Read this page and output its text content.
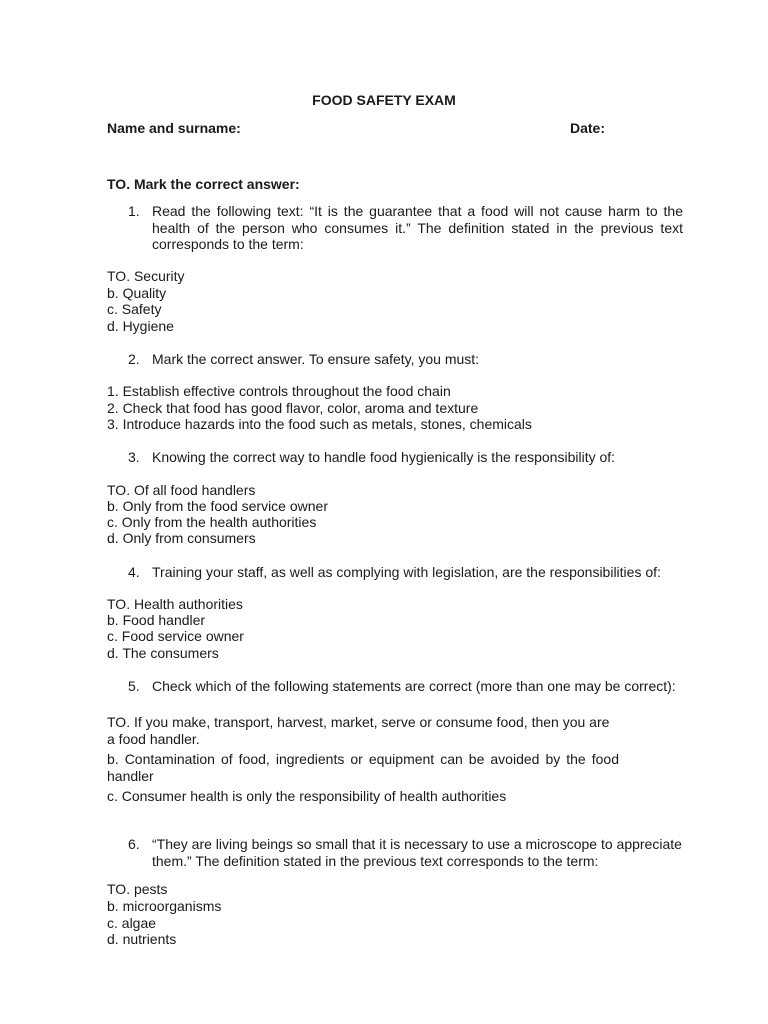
FOOD SAFETY EXAM
Name and surname:	Date:
TO. Mark the correct answer:
1. Read the following text: “It is the guarantee that a food will not cause harm to the health of the person who consumes it.” The definition stated in the previous text corresponds to the term:
TO. Security
b. Quality
c. Safety
d. Hygiene
2. Mark the correct answer. To ensure safety, you must:
1. Establish effective controls throughout the food chain
2. Check that food has good flavor, color, aroma and texture
3. Introduce hazards into the food such as metals, stones, chemicals
3. Knowing the correct way to handle food hygienically is the responsibility of:
TO. Of all food handlers
b. Only from the food service owner
c. Only from the health authorities
d. Only from consumers
4. Training your staff, as well as complying with legislation, are the responsibilities of:
TO. Health authorities
b. Food handler
c. Food service owner
d. The consumers
5. Check which of the following statements are correct (more than one may be correct):
TO. If you make, transport, harvest, market, serve or consume food, then you are a food handler.
b. Contamination of food, ingredients or equipment can be avoided by the food handler
c. Consumer health is only the responsibility of health authorities
6. “They are living beings so small that it is necessary to use a microscope to appreciate them.” The definition stated in the previous text corresponds to the term:
TO. pests
b. microorganisms
c. algae
d. nutrients
